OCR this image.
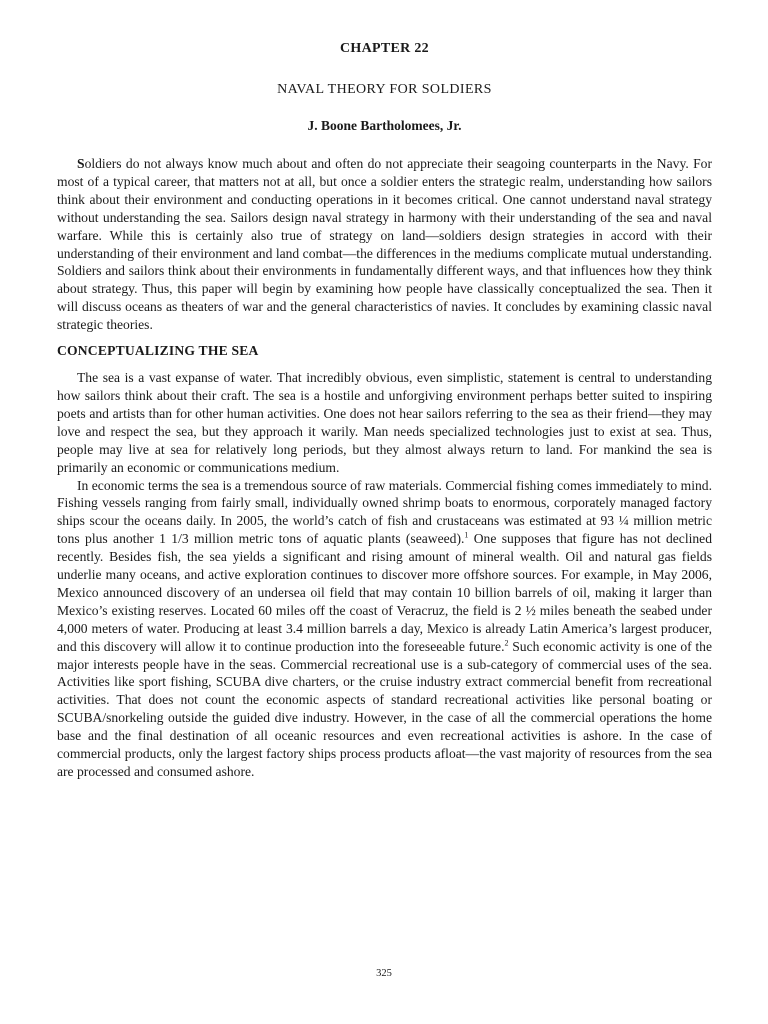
CHAPTER 22
NAVAL THEORY FOR SOLDIERS
J. Boone Bartholomees, Jr.

Soldiers do not always know much about and often do not appreciate their seagoing counterparts in the Navy. For most of a typical career, that matters not at all, but once a soldier enters the strategic realm, understanding how sailors think about their environment and conducting operations in it becomes critical. One cannot understand naval strategy without understanding the sea. Sailors design naval strategy in harmony with their understanding of the sea and naval warfare. While this is certainly also true of strategy on land—soldiers design strategies in accord with their understanding of their environment and land combat—the differences in the mediums complicate mutual understanding. Soldiers and sailors think about their environments in fundamentally different ways, and that influences how they think about strategy. Thus, this paper will begin by examining how people have classically conceptualized the sea. Then it will discuss oceans as theaters of war and the general characteristics of navies. It concludes by examining classic naval strategic theories.

CONCEPTUALIZING THE SEA

The sea is a vast expanse of water. That incredibly obvious, even simplistic, statement is central to understanding how sailors think about their craft. The sea is a hostile and unforgiving environment perhaps better suited to inspiring poets and artists than for other human activities. One does not hear sailors referring to the sea as their friend—they may love and respect the sea, but they approach it warily. Man needs specialized technologies just to exist at sea. Thus, people may live at sea for relatively long periods, but they almost always return to land. For mankind the sea is primarily an economic or communications medium.

In economic terms the sea is a tremendous source of raw materials. Commercial fishing comes immediately to mind. Fishing vessels ranging from fairly small, individually owned shrimp boats to enormous, corporately managed factory ships scour the oceans daily. In 2005, the world’s catch of fish and crustaceans was estimated at 93 ¼ million metric tons plus another 1 1/3 million metric tons of aquatic plants (seaweed).$^1$ One supposes that figure has not declined recently. Besides fish, the sea yields a significant and rising amount of mineral wealth. Oil and natural gas fields underlie many oceans, and active exploration continues to discover more offshore sources. For example, in May 2006, Mexico announced discovery of an undersea oil field that may contain 10 billion barrels of oil, making it larger than Mexico’s existing reserves. Located 60 miles off the coast of Veracruz, the field is 2 ½ miles beneath the seabed under 4,000 meters of water. Producing at least 3.4 million barrels a day, Mexico is already Latin America’s largest producer, and this discovery will allow it to continue production into the foreseeable future.$^2$ Such economic activity is one of the major interests people have in the seas. Commercial recreational use is a sub-category of commercial uses of the sea. Activities like sport fishing, SCUBA dive charters, or the cruise industry extract commercial benefit from recreational activities. That does not count the economic aspects of standard recreational activities like personal boating or SCUBA/snorkeling outside the guided dive industry. However, in the case of all the commercial operations the home base and the final destination of all oceanic resources and even recreational activities is ashore. In the case of commercial products, only the largest factory ships process products afloat—the vast majority of resources from the sea are processed and consumed ashore.

325
